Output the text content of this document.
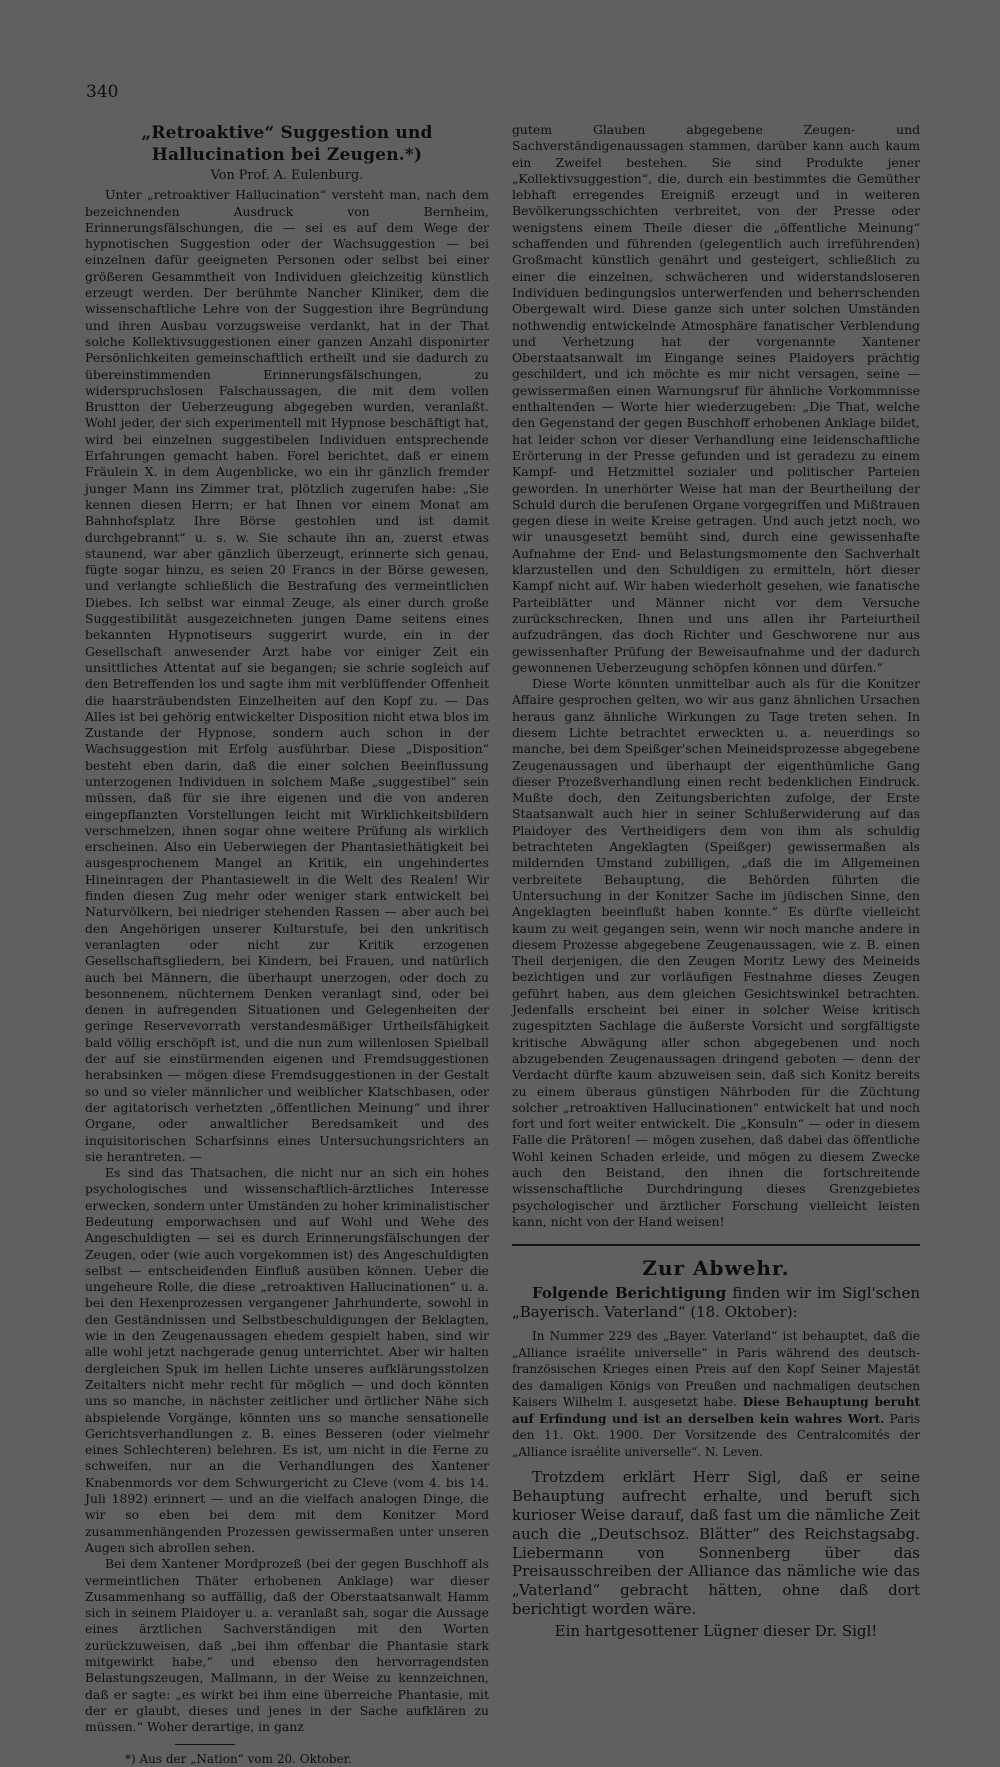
340
„Retroaktive“ Suggestion und Hallucination bei Zeugen.*)
Von Prof. A. Eulenburg.

Unter „retroaktiver Hallucination“ versteht man, nach dem bezeichnenden Ausdruck von Bernheim, Erinnerungsfälschungen, die — sei es auf dem Wege der hypnotischen Suggestion oder der Wachsuggestion — bei einzelnen dafür geeigneten Personen oder selbst bei einer größeren Gesammtheit von Individuen gleichzeitig künstlich erzeugt werden. Der berühmte Nancher Kliniker, dem die wissenschaftliche Lehre von der Suggestion ihre Begründung und ihren Ausbau vorzugsweise verdankt, hat in der That solche Kollektivsuggestionen einer ganzen Anzahl disponirter Persönlichkeiten gemeinschaftlich ertheilt und sie dadurch zu übereinstimmenden Erinnerungsfälschungen, zu widerspruchslosen Falschaussagen, die mit dem vollen Brustton der Ueberzeugung abgegeben wurden, veranlaßt. Wohl jeder, der sich experimentell mit Hypnose beschäftigt hat, wird bei einzelnen suggestibelen Individuen entsprechende Erfahrungen gemacht haben. Forel berichtet, daß er einem Fräulein X. in dem Augenblicke, wo ein ihr gänzlich fremder junger Mann ins Zimmer trat, plötzlich zugerufen habe: „Sie kennen diesen Herrn; er hat Ihnen vor einem Monat am Bahnhofsplatz Ihre Börse gestohlen und ist damit durchgebrannt“ u. s. w. Sie schaute ihn an, zuerst etwas staunend, war aber gänzlich überzeugt, erinnerte sich genau, fügte sogar hinzu, es seien 20 Francs in der Börse gewesen, und verlangte schließlich die Bestrafung des vermeintlichen Diebes. Ich selbst war einmal Zeuge, als einer durch große Suggestibilität ausgezeichneten jungen Dame seitens eines bekannten Hypnotiseurs suggerirt wurde, ein in der Gesellschaft anwesender Arzt habe vor einiger Zeit ein unsittliches Attentat auf sie begangen; sie schrie sogleich auf den Betreffenden los und sagte ihm mit verblüffender Offenheit die haarsträubendsten Einzelheiten auf den Kopf zu. — Das Alles ist bei gehörig entwickelter Disposition nicht etwa blos im Zustande der Hypnose, sondern auch schon in der Wachsuggestion mit Erfolg ausführbar. Diese „Disposition“ besteht eben darin, daß die einer solchen Beeinflussung unterzogenen Individuen in solchem Maße „suggestibel“ sein müssen, daß für sie ihre eigenen und die von anderen eingepflanzten Vorstellungen leicht mit Wirklichkeitsbildern verschmelzen, ihnen sogar ohne weitere Prüfung als wirklich erscheinen. Also ein Ueberwiegen der Phantasiethätigkeit bei ausgesprochenem Mangel an Kritik, ein ungehindertes Hineinragen der Phantasiewelt in die Welt des Realen! Wir finden diesen Zug mehr oder weniger stark entwickelt bei Naturvölkern, bei niedriger stehenden Rassen — aber auch bei den Angehörigen unserer Kulturstufe, bei den unkritisch veranlagten oder nicht zur Kritik erzogenen Gesellschaftsgliedern, bei Kindern, bei Frauen, und natürlich auch bei Männern, die überhaupt unerzogen, oder doch zu besonnenem, nüchternem Denken veranlagt sind, oder bei denen in aufregenden Situationen und Gelegenheiten der geringe Reservevorrath verstandesmäßiger Urtheilsfähigkeit bald völlig erschöpft ist, und die nun zum willenlosen Spielball der auf sie einstürmenden eigenen und Fremdsuggestionen herabsinken — mögen diese Fremdsuggestionen in der Gestalt so und so vieler männlicher und weiblicher Klatschbasen, oder der agitatorisch verhetzten „öffentlichen Meinung“ und ihrer Organe, oder anwaltlicher Beredsamkeit und des inquisitorischen Scharfsinns eines Untersuchungsrichters an sie herantreten. —

Es sind das Thatsachen, die nicht nur an sich ein hohes psychologisches und wissenschaftlich-ärztliches Interesse erwecken, sondern unter Umständen zu hoher kriminalistischer Bedeutung emporwachsen und auf Wohl und Wehe des Angeschuldigten — sei es durch Erinnerungsfälschungen der Zeugen, oder (wie auch vorgekommen ist) des Angeschuldigten selbst — entscheidenden Einfluß ausüben können. Ueber die ungeheure Rolle, die diese „retroaktiven Hallucinationen“ u. a. bei den Hexenprozessen vergangener Jahrhunderte, sowohl in den Geständnissen und Selbstbeschuldigungen der Beklagten, wie in den Zeugenaussagen ehedem gespielt haben, sind wir alle wohl jetzt nachgerade genug unterrichtet. Aber wir halten dergleichen Spuk im hellen Lichte unseres aufklärungsstolzen Zeitalters nicht mehr recht für möglich — und doch könnten uns so manche, in nächster zeitlicher und örtlicher Nähe sich abspielende Vorgänge, könnten uns so manche sensationelle Gerichtsverhandlungen z. B. eines Besseren (oder vielmehr eines Schlechteren) belehren. Es ist, um nicht in die Ferne zu schweifen, nur an die Verhandlungen des Xantener Knabenmords vor dem Schwurgericht zu Cleve (vom 4. bis 14. Juli 1892) erinnert — und an die vielfach analogen Dinge, die wir so eben bei dem mit dem Konitzer Mord zusammenhängenden Prozessen gewissermaßen unter unseren Augen sich abrollen sehen.

Bei dem Xantener Mordprozeß (bei der gegen Buschhoff als vermeintlichen Thäter erhobenen Anklage) war dieser Zusammenhang so auffällig, daß der Oberstaatsanwalt Hamm sich in seinem Plaidoyer u. a. veranlaßt sah, sogar die Aussage eines ärztlichen Sachverständigen mit den Worten zurückzuweisen, daß „bei ihm offenbar die Phantasie stark mitgewirkt habe,“ und ebenso den hervorragendsten Belastungszeugen, Mallmann, in der Weise zu kennzeichnen, daß er sagte: „es wirkt bei ihm eine überreiche Phantasie, mit der er glaubt, dieses und jenes in der Sache aufklären zu müssen.“ Woher derartige, in ganz

*) Aus der „Nation“ vom 20. Oktober.

gutem Glauben abgegebene Zeugen- und Sachverständigenaussagen stammen, darüber kann auch kaum ein Zweifel bestehen. Sie sind Produkte jener „Kollektivsuggestion“, die, durch ein bestimmtes die Gemüther lebhaft erregendes Ereigniß erzeugt und in weiteren Bevölkerungsschichten verbreitet, von der Presse oder wenigstens einem Theile dieser die „öffentliche Meinung“ schaffenden und führenden (gelegentlich auch irreführenden) Großmacht künstlich genährt und gesteigert, schließlich zu einer die einzelnen, schwächeren und widerstandsloseren Individuen bedingungslos unterwerfenden und beherrschenden Obergewalt wird. Diese ganze sich unter solchen Umständen nothwendig entwickelnde Atmosphäre fanatischer Verblendung und Verhetzung hat der vorgenannte Xantener Oberstaatsanwalt im Eingange seines Plaidoyers prächtig geschildert, und ich möchte es mir nicht versagen, seine — gewissermaßen einen Warnungsruf für ähnliche Vorkommnisse enthaltenden — Worte hier wiederzugeben: „Die That, welche den Gegenstand der gegen Buschhoff erhobenen Anklage bildet, hat leider schon vor dieser Verhandlung eine leidenschaftliche Erörterung in der Presse gefunden und ist geradezu zu einem Kampf- und Hetzmittel sozialer und politischer Parteien geworden. In unerhörter Weise hat man der Beurtheilung der Schuld durch die berufenen Organe vorgegriffen und Mißtrauen gegen diese in weite Kreise getragen. Und auch jetzt noch, wo wir unausgesetzt bemüht sind, durch eine gewissenhafte Aufnahme der End- und Belastungsmomente den Sachverhalt klarzustellen und den Schuldigen zu ermitteln, hört dieser Kampf nicht auf. Wir haben wiederholt gesehen, wie fanatische Parteiblätter und Männer nicht vor dem Versuche zurückschrecken, Ihnen und uns allen ihr Parteiurtheil aufzudrängen, das doch Richter und Geschworene nur aus gewissenhafter Prüfung der Beweisaufnahme und der dadurch gewonnenen Ueberzeugung schöpfen können und dürfen.“

Diese Worte könnten unmittelbar auch als für die Konitzer Affaire gesprochen gelten, wo wir aus ganz ähnlichen Ursachen heraus ganz ähnliche Wirkungen zu Tage treten sehen. In diesem Lichte betrachtet erweckten u. a. neuerdings so manche, bei dem Speißger'schen Meineidsprozesse abgegebene Zeugenaussagen und überhaupt der eigenthümliche Gang dieser Prozeßverhandlung einen recht bedenklichen Eindruck. Mußte doch, den Zeitungsberichten zufolge, der Erste Staatsanwalt auch hier in seiner Schlußerwiderung auf das Plaidoyer des Vertheidigers dem von ihm als schuldig betrachteten Angeklagten (Speißger) gewissermaßen als mildernden Umstand zubilligen, „daß die im Allgemeinen verbreitete Behauptung, die Behörden führten die Untersuchung in der Konitzer Sache im jüdischen Sinne, den Angeklagten beeinflußt haben konnte.“ Es dürfte vielleicht kaum zu weit gegangen sein, wenn wir noch manche andere in diesem Prozesse abgegebene Zeugenaussagen, wie z. B. einen Theil derjenigen, die den Zeugen Moritz Lewy des Meineids bezichtigen und zur vorläufigen Festnahme dieses Zeugen geführt haben, aus dem gleichen Gesichtswinkel betrachten. Jedenfalls erscheint bei einer in solcher Weise kritisch zugespitzten Sachlage die äußerste Vorsicht und sorgfältigste kritische Abwägung aller schon abgegebenen und noch abzugebenden Zeugenaussagen dringend geboten — denn der Verdacht dürfte kaum abzuweisen sein, daß sich Konitz bereits zu einem überaus günstigen Nährboden für die Züchtung solcher „retroaktiven Hallucinationen“ entwickelt hat und noch fort und fort weiter entwickelt. Die „Konsuln“ — oder in diesem Falle die Prätoren! — mögen zusehen, daß dabei das öffentliche Wohl keinen Schaden erleide, und mögen zu diesem Zwecke auch den Beistand, den ihnen die fortschreitende wissenschaftliche Durchdringung dieses Grenzgebietes psychologischer und ärztlicher Forschung vielleicht leisten kann, nicht von der Hand weisen!

Zur Abwehr.

Folgende Berichtigung finden wir im Sigl'schen „Bayerisch. Vaterland“ (18. Oktober):

In Nummer 229 des „Bayer. Vaterland“ ist behauptet, daß die „Alliance israélite universelle“ in Paris während des deutsch-französischen Krieges einen Preis auf den Kopf Seiner Majestät des damaligen Königs von Preußen und nachmaligen deutschen Kaisers Wilhelm I. ausgesetzt habe. Diese Behauptung beruht auf Erfindung und ist an derselben kein wahres Wort. Paris den 11. Okt. 1900. Der Vorsitzende des Centralcomités der „Alliance israélite universelle“. N. Leven.

Trotzdem erklärt Herr Sigl, daß er seine Behauptung aufrecht erhalte, und beruft sich kurioser Weise darauf, daß fast um die nämliche Zeit auch die „Deutschsoz. Blätter“ des Reichstagsabg. Liebermann von Sonnenberg über das Preisausschreiben der Alliance das nämliche wie das „Vaterland“ gebracht hätten, ohne daß dort berichtigt worden wäre.

Ein hartgesottener Lügner dieser Dr. Sigl!
